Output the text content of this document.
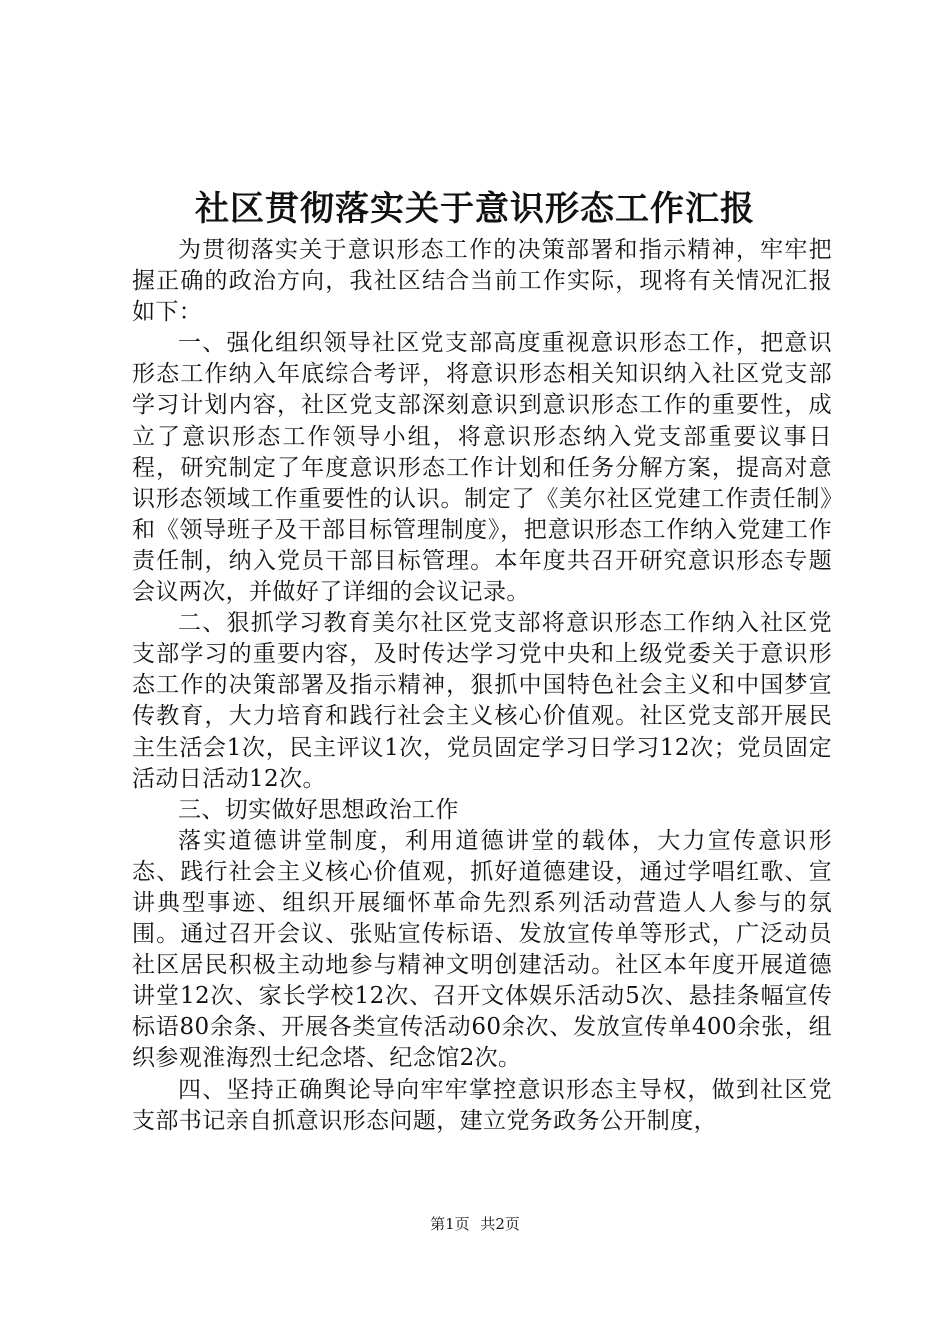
社区贯彻落实关于意识形态工作汇报

为贯彻落实关于意识形态工作的决策部署和指示精神，牢牢把握正确的政治方向，我社区结合当前工作实际，现将有关情况汇报如下：

一、强化组织领导社区党支部高度重视意识形态工作，把意识形态工作纳入年底综合考评，将意识形态相关知识纳入社区党支部学习计划内容，社区党支部深刻意识到意识形态工作的重要性，成立了意识形态工作领导小组，将意识形态纳入党支部重要议事日程，研究制定了年度意识形态工作计划和任务分解方案，提高对意识形态领域工作重要性的认识。制定了《美尔社区党建工作责任制》和《领导班子及干部目标管理制度》，把意识形态工作纳入党建工作责任制，纳入党员干部目标管理。本年度共召开研究意识形态专题会议两次，并做好了详细的会议记录。

二、狠抓学习教育美尔社区党支部将意识形态工作纳入社区党支部学习的重要内容，及时传达学习党中央和上级党委关于意识形态工作的决策部署及指示精神，狠抓中国特色社会主义和中国梦宣传教育，大力培育和践行社会主义核心价值观。社区党支部开展民主生活会1次，民主评议1次，党员固定学习日学习12次；党员固定活动日活动12次。

三、切实做好思想政治工作

落实道德讲堂制度，利用道德讲堂的载体，大力宣传意识形态、践行社会主义核心价值观，抓好道德建设，通过学唱红歌、宣讲典型事迹、组织开展缅怀革命先烈系列活动营造人人参与的氛围。通过召开会议、张贴宣传标语、发放宣传单等形式，广泛动员社区居民积极主动地参与精神文明创建活动。社区本年度开展道德讲堂12次、家长学校12次、召开文体娱乐活动5次、悬挂条幅宣传标语80余条、开展各类宣传活动60余次、发放宣传单400余张，组织参观淮海烈士纪念塔、纪念馆2次。

四、坚持正确舆论导向牢牢掌控意识形态主导权，做到社区党支部书记亲自抓意识形态问题，建立党务政务公开制度，

第1页 共2页
